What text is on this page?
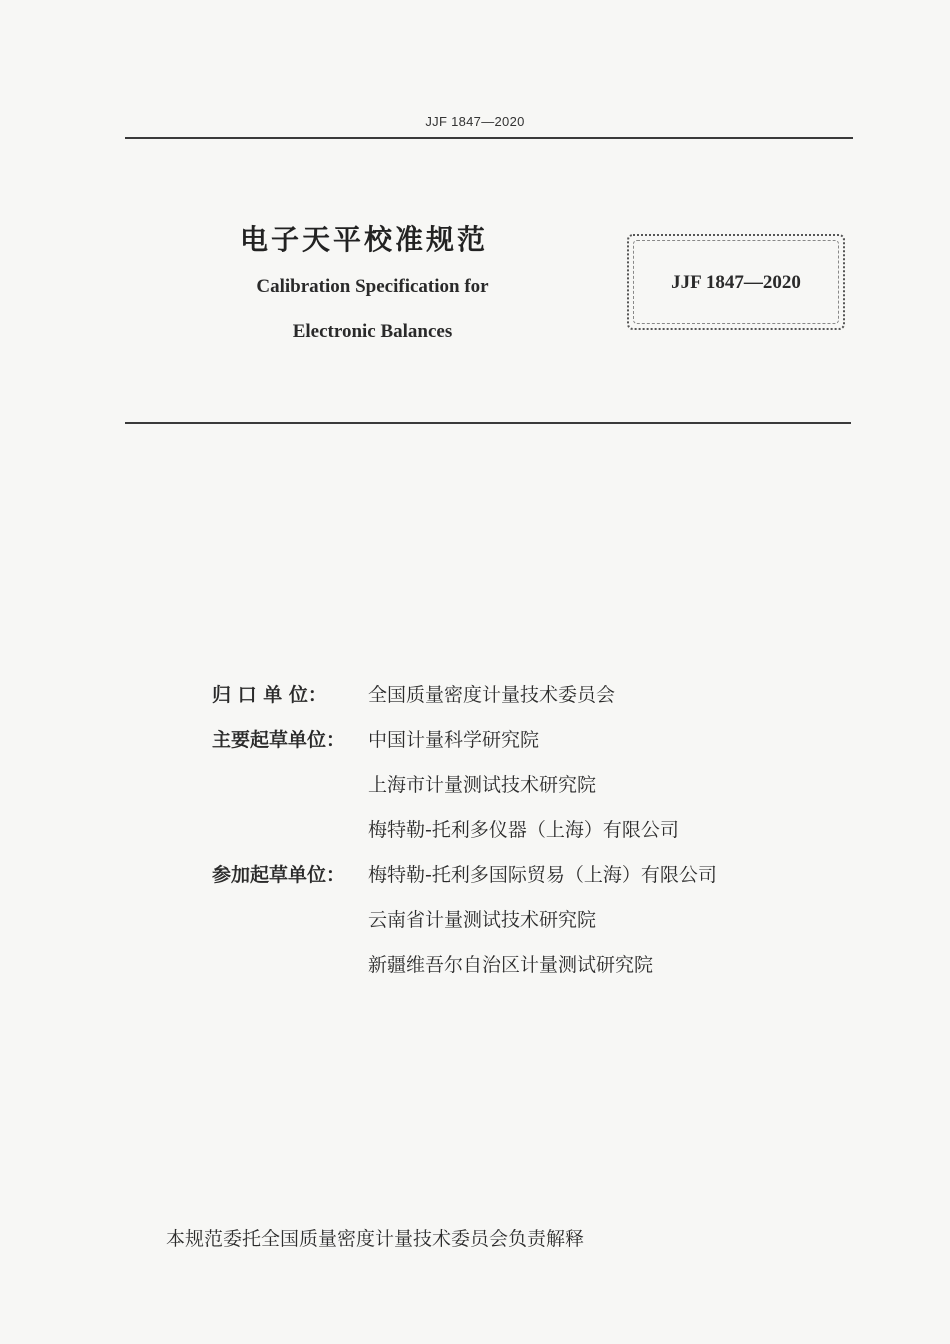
JJF 1847—2020
电子天平校准规范
Calibration Specification for
Electronic Balances
JJF 1847—2020
归 口 单 位：	全国质量密度计量技术委员会
主要起草单位：	中国计量科学研究院
上海市计量测试技术研究院
梅特勒-托利多仪器（上海）有限公司
参加起草单位：	梅特勒-托利多国际贸易（上海）有限公司
云南省计量测试技术研究院
新疆维吾尔自治区计量测试研究院
本规范委托全国质量密度计量技术委员会负责解释
